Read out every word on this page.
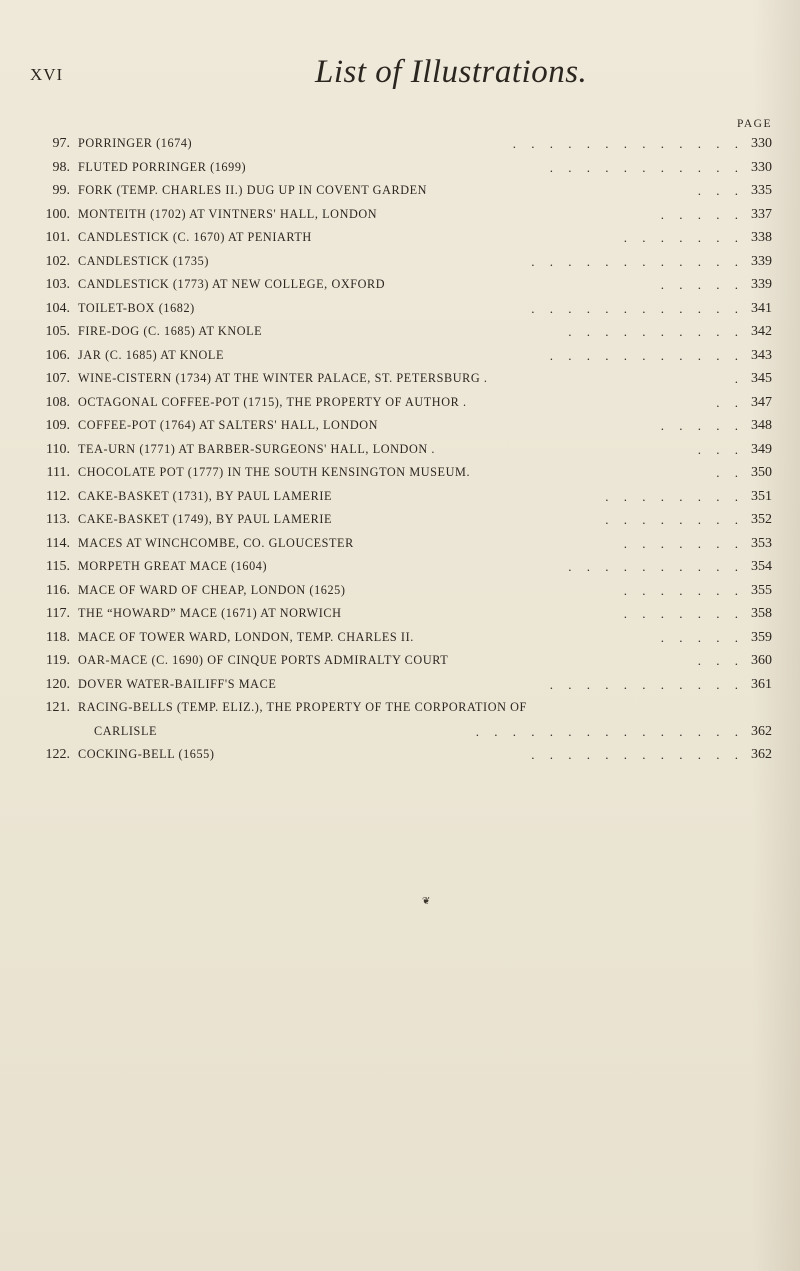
xvi	List of Illustrations.
PAGE
97. PORRINGER (1674)	. . . . . . . . . . . . . 330
98. FLUTED PORRINGER (1699)	. . . . . . . . . . . 330
99. FORK (TEMP. CHARLES II.) DUG UP IN COVENT GARDEN	. . . 335
100. MONTEITH (1702) AT VINTNERS' HALL, LONDON	. . . . . 337
101. CANDLESTICK (C. 1670) AT PENIARTH	. . . . . . . 338
102. CANDLESTICK (1735)	. . . . . . . . . . . . 339
103. CANDLESTICK (1773) AT NEW COLLEGE, OXFORD	. . . . . 339
104. TOILET-BOX (1682)	. . . . . . . . . . . . 341
105. FIRE-DOG (C. 1685) AT KNOLE	. . . . . . . . . . 342
106. JAR (C. 1685) AT KNOLE	. . . . . . . . . . . 343
107. WINE-CISTERN (1734) AT THE WINTER PALACE, ST. PETERSBURG .	. 345
108. OCTAGONAL COFFEE-POT (1715), THE PROPERTY OF AUTHOR .	. . 347
109. COFFEE-POT (1764) AT SALTERS' HALL, LONDON	. . . . . 348
110. TEA-URN (1771) AT BARBER-SURGEONS' HALL, LONDON .	. . . 349
111. CHOCOLATE POT (1777) IN THE SOUTH KENSINGTON MUSEUM.	. . 350
112. CAKE-BASKET (1731), BY PAUL LAMERIE	. . . . . . . . 351
113. CAKE-BASKET (1749), BY PAUL LAMERIE	. . . . . . . . 352
114. MACES AT WINCHCOMBE, CO. GLOUCESTER	. . . . . . . 353
115. MORPETH GREAT MACE (1604)	. . . . . . . . . . 354
116. MACE OF WARD OF CHEAP, LONDON (1625)	. . . . . . . 355
117. THE “HOWARD” MACE (1671) AT NORWICH	. . . . . . . 358
118. MACE OF TOWER WARD, LONDON, TEMP. CHARLES II.	. . . . . 359
119. OAR-MACE (C. 1690) OF CINQUE PORTS ADMIRALTY COURT	. . . 360
120. DOVER WATER-BAILIFF'S MACE	. . . . . . . . . . . 361
121. RACING-BELLS (TEMP. ELIZ.), THE PROPERTY OF THE CORPORATION OF
CARLISLE	. . . . . . . . . . . . . . . 362
122. COCKING-BELL (1655)	. . . . . . . . . . . . 362
❦
